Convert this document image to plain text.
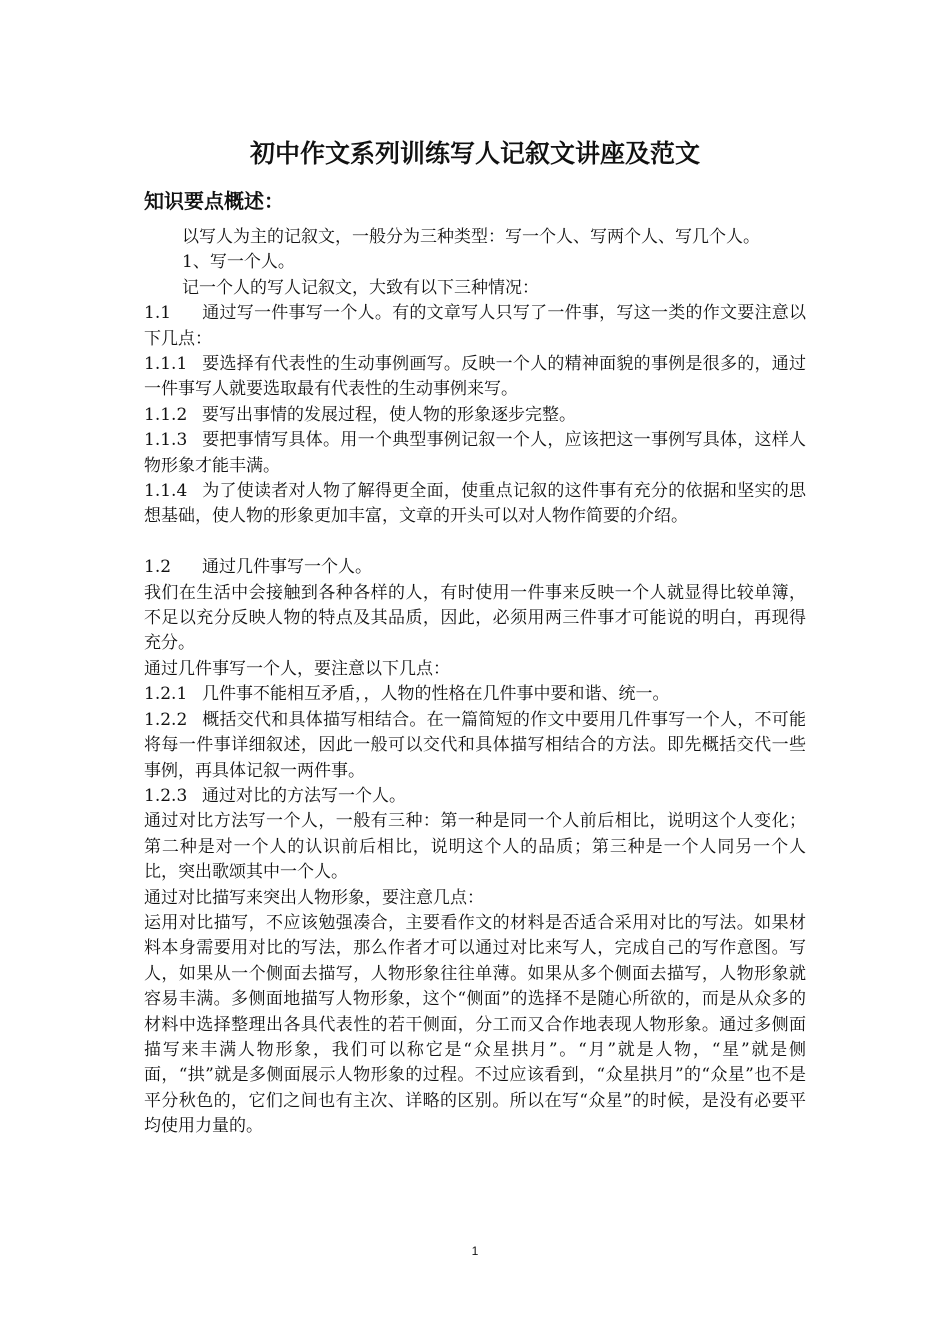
初中作文系列训练写人记叙文讲座及范文
知识要点概述：

以写人为主的记叙文，一般分为三种类型：写一个人、写两个人、写几个人。

1、写一个人。

记一个人的写人记叙文，大致有以下三种情况：

1.1 通过写一件事写一个人。有的文章写人只写了一件事，写这一类的作文要注意以下几点：

1.1.1 要选择有代表性的生动事例画写。反映一个人的精神面貌的事例是很多的，通过一件事写人就要选取最有代表性的生动事例来写。

1.1.2 要写出事情的发展过程，使人物的形象逐步完整。

1.1.3 要把事情写具体。用一个典型事例记叙一个人，应该把这一事例写具体，这样人物形象才能丰满。

1.1.4 为了使读者对人物了解得更全面，使重点记叙的这件事有充分的依据和坚实的思想基础，使人物的形象更加丰富，文章的开头可以对人物作简要的介绍。

1.2 通过几件事写一个人。

我们在生活中会接触到各种各样的人，有时使用一件事来反映一个人就显得比较单簿，不足以充分反映人物的特点及其品质，因此，必须用两三件事才可能说的明白，再现得充分。

通过几件事写一个人，要注意以下几点：

1.2.1 几件事不能相互矛盾，，人物的性格在几件事中要和谐、统一。

1.2.2 概括交代和具体描写相结合。在一篇简短的作文中要用几件事写一个人，不可能将每一件事详细叙述，因此一般可以交代和具体描写相结合的方法。即先概括交代一些事例，再具体记叙一两件事。

1.2.3 通过对比的方法写一个人。

通过对比方法写一个人，一般有三种：第一种是同一个人前后相比，说明这个人变化；第二种是对一个人的认识前后相比，说明这个人的品质；第三种是一个人同另一个人比，突出歌颂其中一个人。

通过对比描写来突出人物形象，要注意几点：

运用对比描写，不应该勉强凑合，主要看作文的材料是否适合采用对比的写法。如果材料本身需要用对比的写法，那么作者才可以通过对比来写人，完成自己的写作意图。写人，如果从一个侧面去描写，人物形象往往单薄。如果从多个侧面去描写，人物形象就容易丰满。多侧面地描写人物形象，这个“侧面”的选择不是随心所欲的，而是从众多的材料中选择整理出各具代表性的若干侧面，分工而又合作地表现人物形象。通过多侧面描写来丰满人物形象，我们可以称它是“众星拱月”。“月”就是人物，“星”就是侧面，“拱”就是多侧面展示人物形象的过程。不过应该看到，“众星拱月”的“众星”也不是平分秋色的，它们之间也有主次、详略的区别。所以在写“众星”的时候，是没有必要平均使用力量的。

1
